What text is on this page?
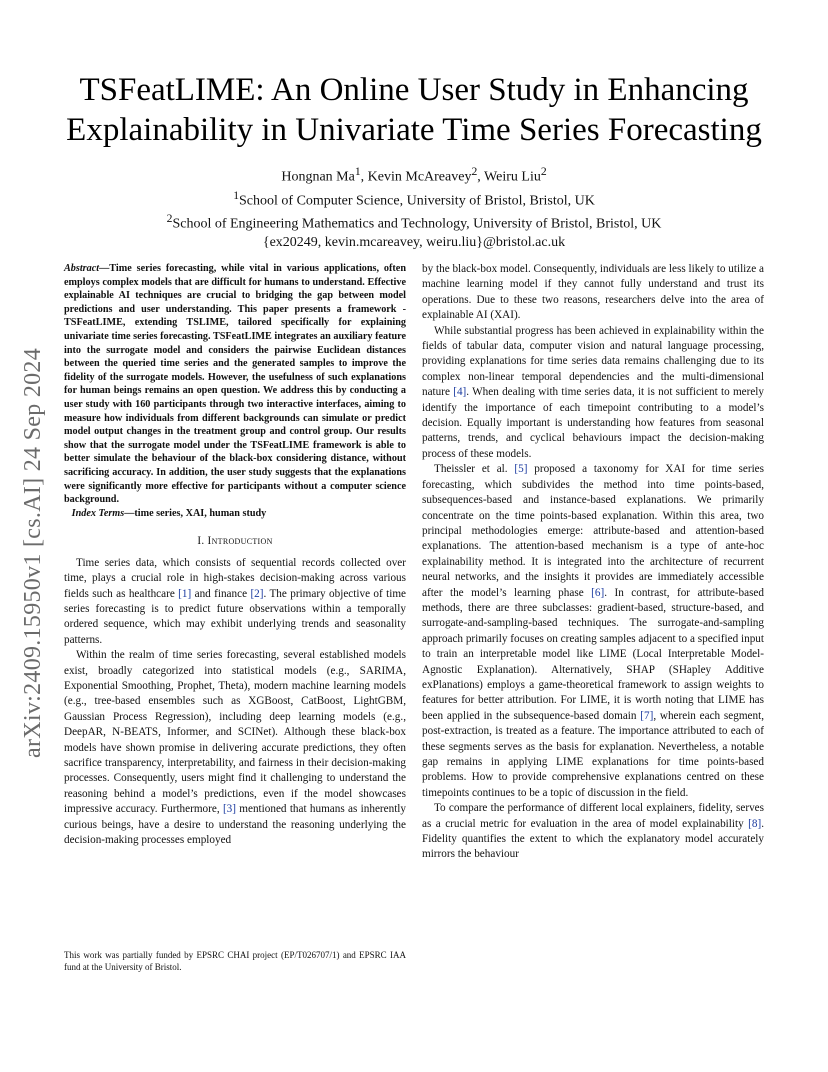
TSFeatLIME: An Online User Study in Enhancing Explainability in Univariate Time Series Forecasting
Hongnan Ma$^1$, Kevin McAreavey$^2$, Weiru Liu$^2$
$^1$School of Computer Science, University of Bristol, Bristol, UK
$^2$School of Engineering Mathematics and Technology, University of Bristol, Bristol, UK
{ex20249, kevin.mcareavey, weiru.liu}@bristol.ac.uk
arXiv:2409.15950v1 [cs.AI] 24 Sep 2024

Abstract—Time series forecasting, while vital in various applications, often employs complex models that are difficult for humans to understand. Effective explainable AI techniques are crucial to bridging the gap between model predictions and user understanding. This paper presents a framework - TSFeatLIME, extending TSLIME, tailored specifically for explaining univariate time series forecasting. TSFeatLIME integrates an auxiliary feature into the surrogate model and considers the pairwise Euclidean distances between the queried time series and the generated samples to improve the fidelity of the surrogate models. However, the usefulness of such explanations for human beings remains an open question. We address this by conducting a user study with 160 participants through two interactive interfaces, aiming to measure how individuals from different backgrounds can simulate or predict model output changes in the treatment group and control group. Our results show that the surrogate model under the TSFeatLIME framework is able to better simulate the behaviour of the black-box considering distance, without sacrificing accuracy. In addition, the user study suggests that the explanations were significantly more effective for participants without a computer science background.

Index Terms—time series, XAI, human study

I. Introduction

Time series data, which consists of sequential records collected over time, plays a crucial role in high-stakes decision-making across various fields such as healthcare [1] and finance [2]. The primary objective of time series forecasting is to predict future observations within a temporally ordered sequence, which may exhibit underlying trends and seasonality patterns.

Within the realm of time series forecasting, several established models exist, broadly categorized into statistical models (e.g., SARIMA, Exponential Smoothing, Prophet, Theta), modern machine learning models (e.g., tree-based ensembles such as XGBoost, CatBoost, LightGBM, Gaussian Process Regression), including deep learning models (e.g., DeepAR, N-BEATS, Informer, and SCINet). Although these black-box models have shown promise in delivering accurate predictions, they often sacrifice transparency, interpretability, and fairness in their decision-making processes. Consequently, users might find it challenging to understand the reasoning behind a model’s predictions, even if the model showcases impressive accuracy. Furthermore, [3] mentioned that humans as inherently curious beings, have a desire to understand the reasoning underlying the decision-making processes employed

by the black-box model. Consequently, individuals are less likely to utilize a machine learning model if they cannot fully understand and trust its operations. Due to these two reasons, researchers delve into the area of explainable AI (XAI).

While substantial progress has been achieved in explainability within the fields of tabular data, computer vision and natural language processing, providing explanations for time series data remains challenging due to its complex non-linear temporal dependencies and the multi-dimensional nature [4]. When dealing with time series data, it is not sufficient to merely identify the importance of each timepoint contributing to a model’s decision. Equally important is understanding how features from seasonal patterns, trends, and cyclical behaviours impact the decision-making process of these models.

Theissler et al. [5] proposed a taxonomy for XAI for time series forecasting, which subdivides the method into time points-based, subsequences-based and instance-based explanations. We primarily concentrate on the time points-based explanation. Within this area, two principal methodologies emerge: attribute-based and attention-based explanations. The attention-based mechanism is a type of ante-hoc explainability method. It is integrated into the architecture of recurrent neural networks, and the insights it provides are immediately accessible after the model’s learning phase [6]. In contrast, for attribute-based methods, there are three subclasses: gradient-based, structure-based, and surrogate-and-sampling-based techniques. The surrogate-and-sampling approach primarily focuses on creating samples adjacent to a specified input to train an interpretable model like LIME (Local Interpretable Model-Agnostic Explanation). Alternatively, SHAP (SHapley Additive exPlanations) employs a game-theoretical framework to assign weights to features for better attribution. For LIME, it is worth noting that LIME has been applied in the subsequence-based domain [7], wherein each segment, post-extraction, is treated as a feature. The importance attributed to each of these segments serves as the basis for explanation. Nevertheless, a notable gap remains in applying LIME explanations for time points-based problems. How to provide comprehensive explanations centred on these timepoints continues to be a topic of discussion in the field.

To compare the performance of different local explainers, fidelity, serves as a crucial metric for evaluation in the area of model explainability [8]. Fidelity quantifies the extent to which the explanatory model accurately mirrors the behaviour

This work was partially funded by EPSRC CHAI project (EP/T026707/1) and EPSRC IAA fund at the University of Bristol.
